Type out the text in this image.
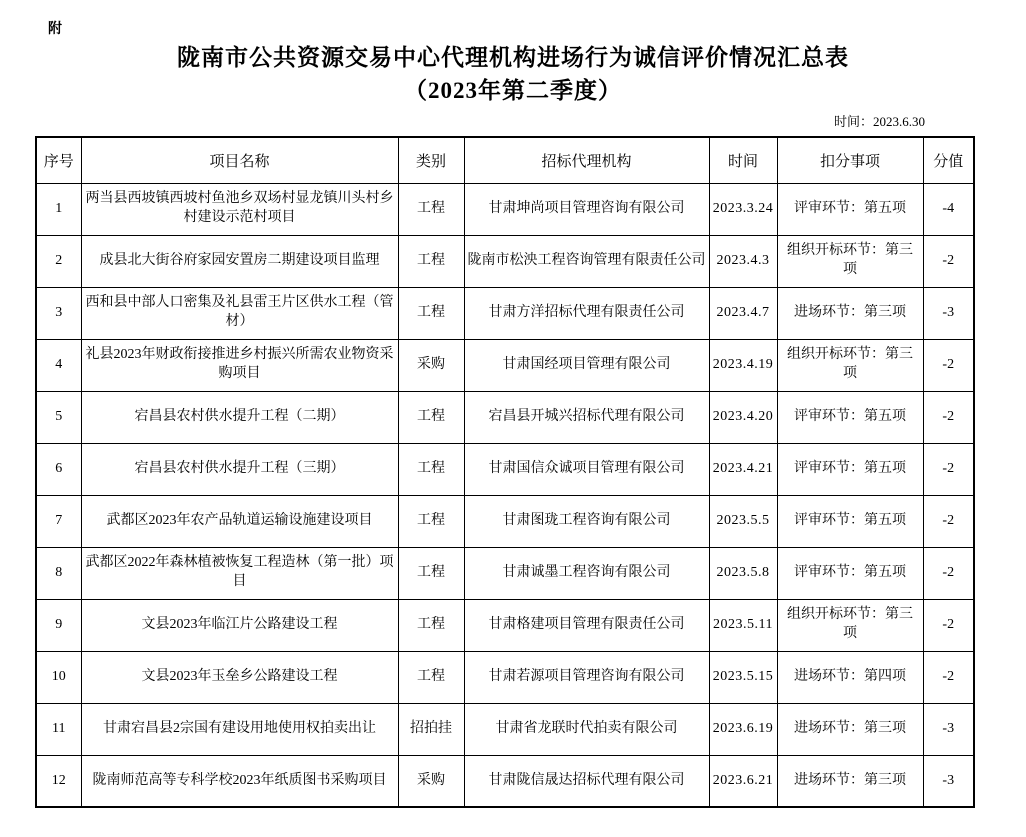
附
陇南市公共资源交易中心代理机构进场行为诚信评价情况汇总表
（2023年第二季度）
时间：2023.6.30
序号	项目名称	类别	招标代理机构	时间	扣分事项	分值
1	两当县西坡镇西坡村鱼池乡双场村显龙镇川头村乡村建设示范村项目	工程	甘肃坤尚项目管理咨询有限公司	2023.3.24	评审环节：第五项	-4
2	成县北大街谷府家园安置房二期建设项目监理	工程	陇南市松泱工程咨询管理有限责任公司	2023.4.3	组织开标环节：第三项	-2
3	西和县中部人口密集及礼县雷王片区供水工程（管材）	工程	甘肃方洋招标代理有限责任公司	2023.4.7	进场环节：第三项	-3
4	礼县2023年财政衔接推进乡村振兴所需农业物资采购项目	采购	甘肃国经项目管理有限公司	2023.4.19	组织开标环节：第三项	-2
5	宕昌县农村供水提升工程（二期）	工程	宕昌县开城兴招标代理有限公司	2023.4.20	评审环节：第五项	-2
6	宕昌县农村供水提升工程（三期）	工程	甘肃国信众诚项目管理有限公司	2023.4.21	评审环节：第五项	-2
7	武都区2023年农产品轨道运输设施建设项目	工程	甘肃图珑工程咨询有限公司	2023.5.5	评审环节：第五项	-2
8	武都区2022年森林植被恢复工程造林（第一批）项目	工程	甘肃诚墨工程咨询有限公司	2023.5.8	评审环节：第五项	-2
9	文县2023年临江片公路建设工程	工程	甘肃格建项目管理有限责任公司	2023.5.11	组织开标环节：第三项	-2
10	文县2023年玉垒乡公路建设工程	工程	甘肃若源项目管理咨询有限公司	2023.5.15	进场环节：第四项	-2
11	甘肃宕昌县2宗国有建设用地使用权拍卖出让	招拍挂	甘肃省龙联时代拍卖有限公司	2023.6.19	进场环节：第三项	-3
12	陇南师范高等专科学校2023年纸质图书采购项目	采购	甘肃陇信晟达招标代理有限公司	2023.6.21	进场环节：第三项	-3
